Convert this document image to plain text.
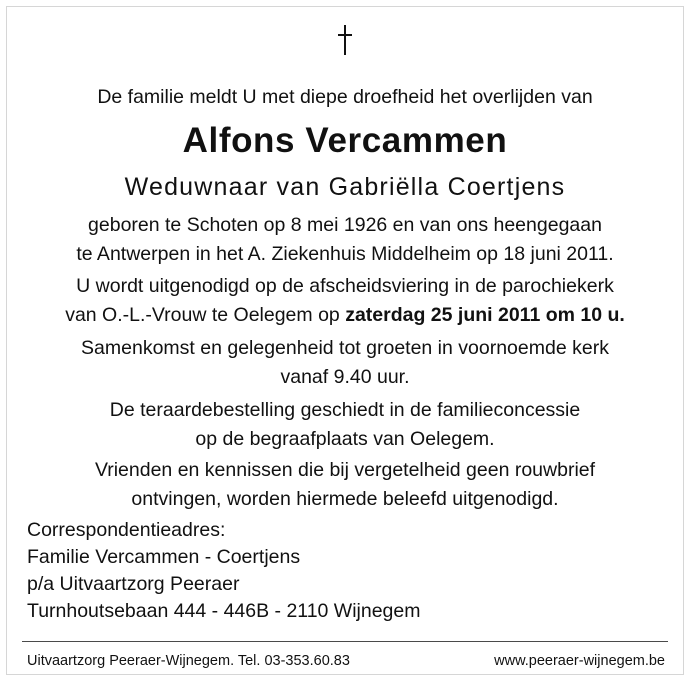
De familie meldt U met diepe droefheid het overlijden van
Alfons Vercammen
Weduwnaar van Gabriëlla Coertjens
geboren te Schoten op 8 mei 1926 en van ons heengegaan
te Antwerpen in het A. Ziekenhuis Middelheim op 18 juni 2011.
U wordt uitgenodigd op de afscheidsviering in de parochiekerk
van O.-L.-Vrouw te Oelegem op zaterdag 25 juni 2011 om 10 u.
Samenkomst en gelegenheid tot groeten in voornoemde kerk
vanaf 9.40 uur.
De teraardebestelling geschiedt in de familieconcessie
op de begraafplaats van Oelegem.
Vrienden en kennissen die bij vergetelheid geen rouwbrief
ontvingen, worden hiermede beleefd uitgenodigd.
Correspondentieadres:
Familie Vercammen - Coertjens
p/a Uitvaartzorg Peeraer
Turnhoutsebaan 444 - 446B - 2110 Wijnegem
Uitvaartzorg Peeraer-Wijnegem. Tel. 03-353.60.83	www.peeraer-wijnegem.be
